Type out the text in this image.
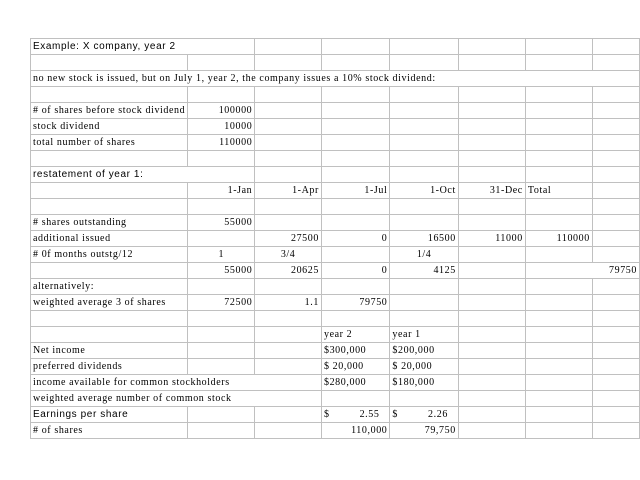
Example: X company, year 2							

no new stock is issued, but on July 1, year 2, the company issues a 10% stock dividend:							

# of shares before stock dividend	100000						
stock dividend	10000						
total number of shares	110000						

restatement of year 1:							
	1-Jan	1-Apr	1-Jul	1-Oct	31-Dec	Total	

# shares outstanding	55000						
additional issued		27500	0	16500	11000	110000	
# 0f months outstg/12	1	3/4		1/4			
	55000	20625	0	4125		79750	
alternatively:							
weighted average 3 of shares	72500	1.1	79750				

			year 2	year 1			
Net income			$300,000	$200,000			
preferred dividends			$ 20,000	$ 20,000			
income available for common stockholders			$280,000	$180,000			
weighted average number of common stock							
Earnings per share			$ 2.55	$ 2.26			
# of shares			110,000	79,750			
